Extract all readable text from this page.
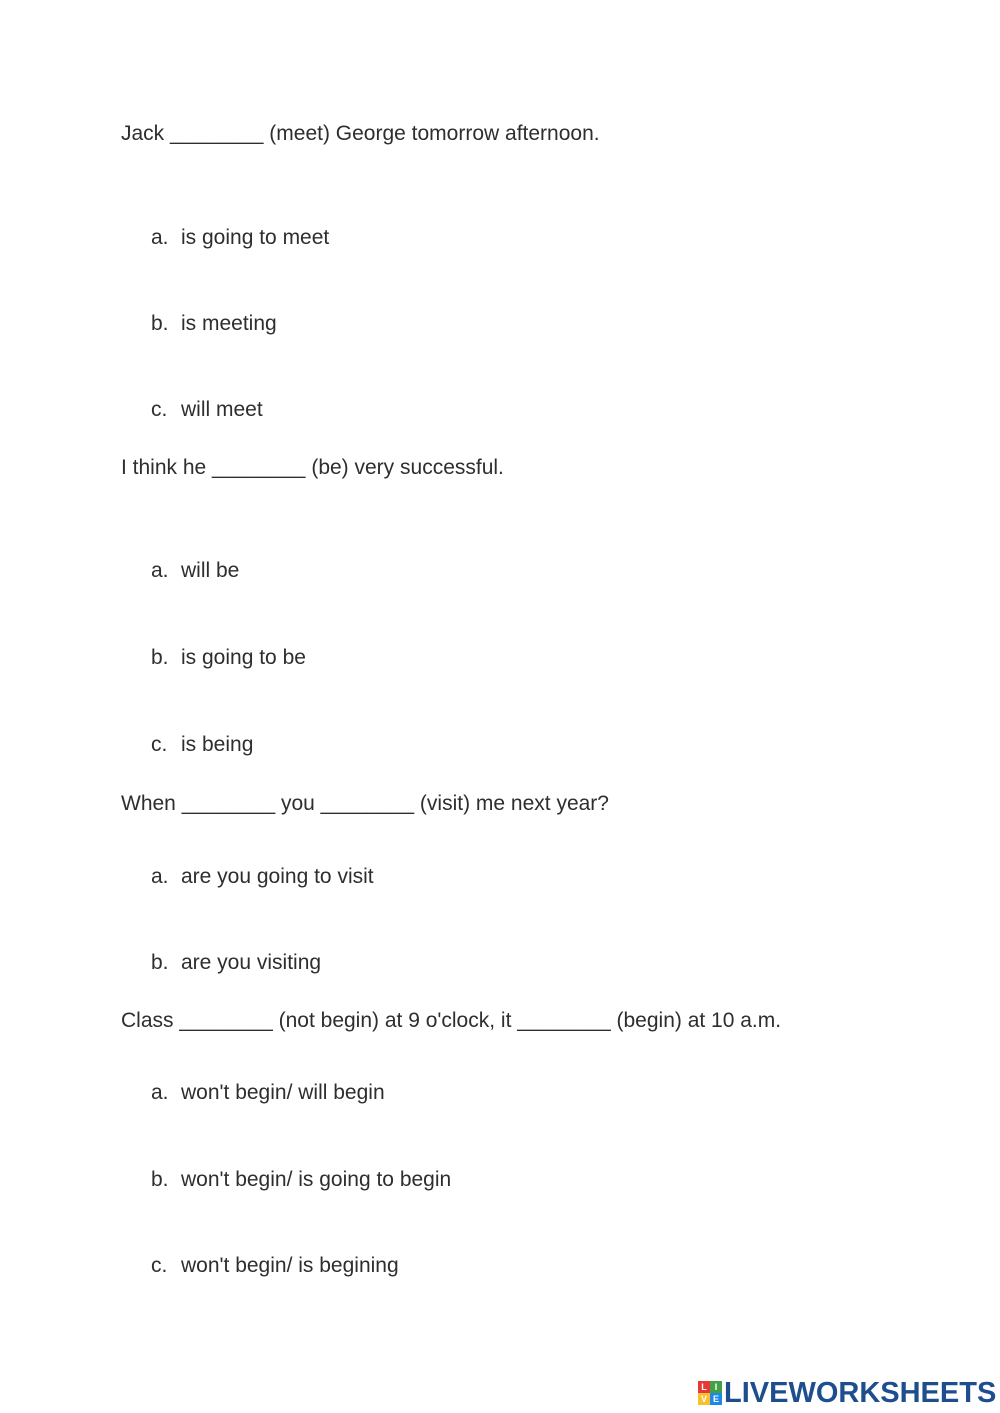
Jack ________ (meet) George tomorrow afternoon.
a. is going to meet
b. is meeting
c. will meet
I think he ________ (be) very successful.
a. will be
b. is going to be
c. is being
When ________ you ________ (visit) me next year?
a. are you going to visit
b. are you visiting
Class ________ (not begin) at 9 o'clock, it ________ (begin) at 10 a.m.
a. won't begin/ will begin
b. won't begin/ is going to begin
c. won't begin/ is begining
L I
V E LIVEWORKSHEETS
